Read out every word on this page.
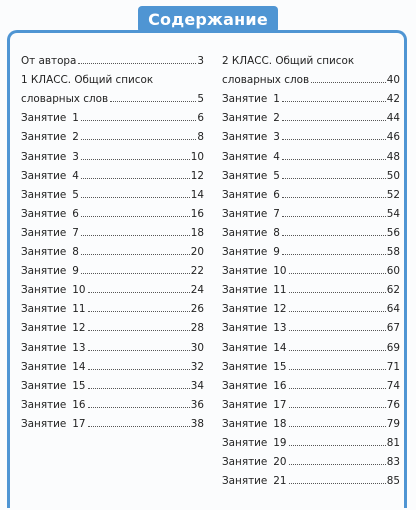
Содержание
От автора	3
1 КЛАСС. Общий список
словарных слов	5
Занятие 1	6
Занятие 2	8
Занятие 3	10
Занятие 4	12
Занятие 5	14
Занятие 6	16
Занятие 7	18
Занятие 8	20
Занятие 9	22
Занятие 10	24
Занятие 11	26
Занятие 12	28
Занятие 13	30
Занятие 14	32
Занятие 15	34
Занятие 16	36
Занятие 17	38
2 КЛАСС. Общий список
словарных слов	40
Занятие 1	42
Занятие 2	44
Занятие 3	46
Занятие 4	48
Занятие 5	50
Занятие 6	52
Занятие 7	54
Занятие 8	56
Занятие 9	58
Занятие 10	60
Занятие 11	62
Занятие 12	64
Занятие 13	67
Занятие 14	69
Занятие 15	71
Занятие 16	74
Занятие 17	76
Занятие 18	79
Занятие 19	81
Занятие 20	83
Занятие 21	85
